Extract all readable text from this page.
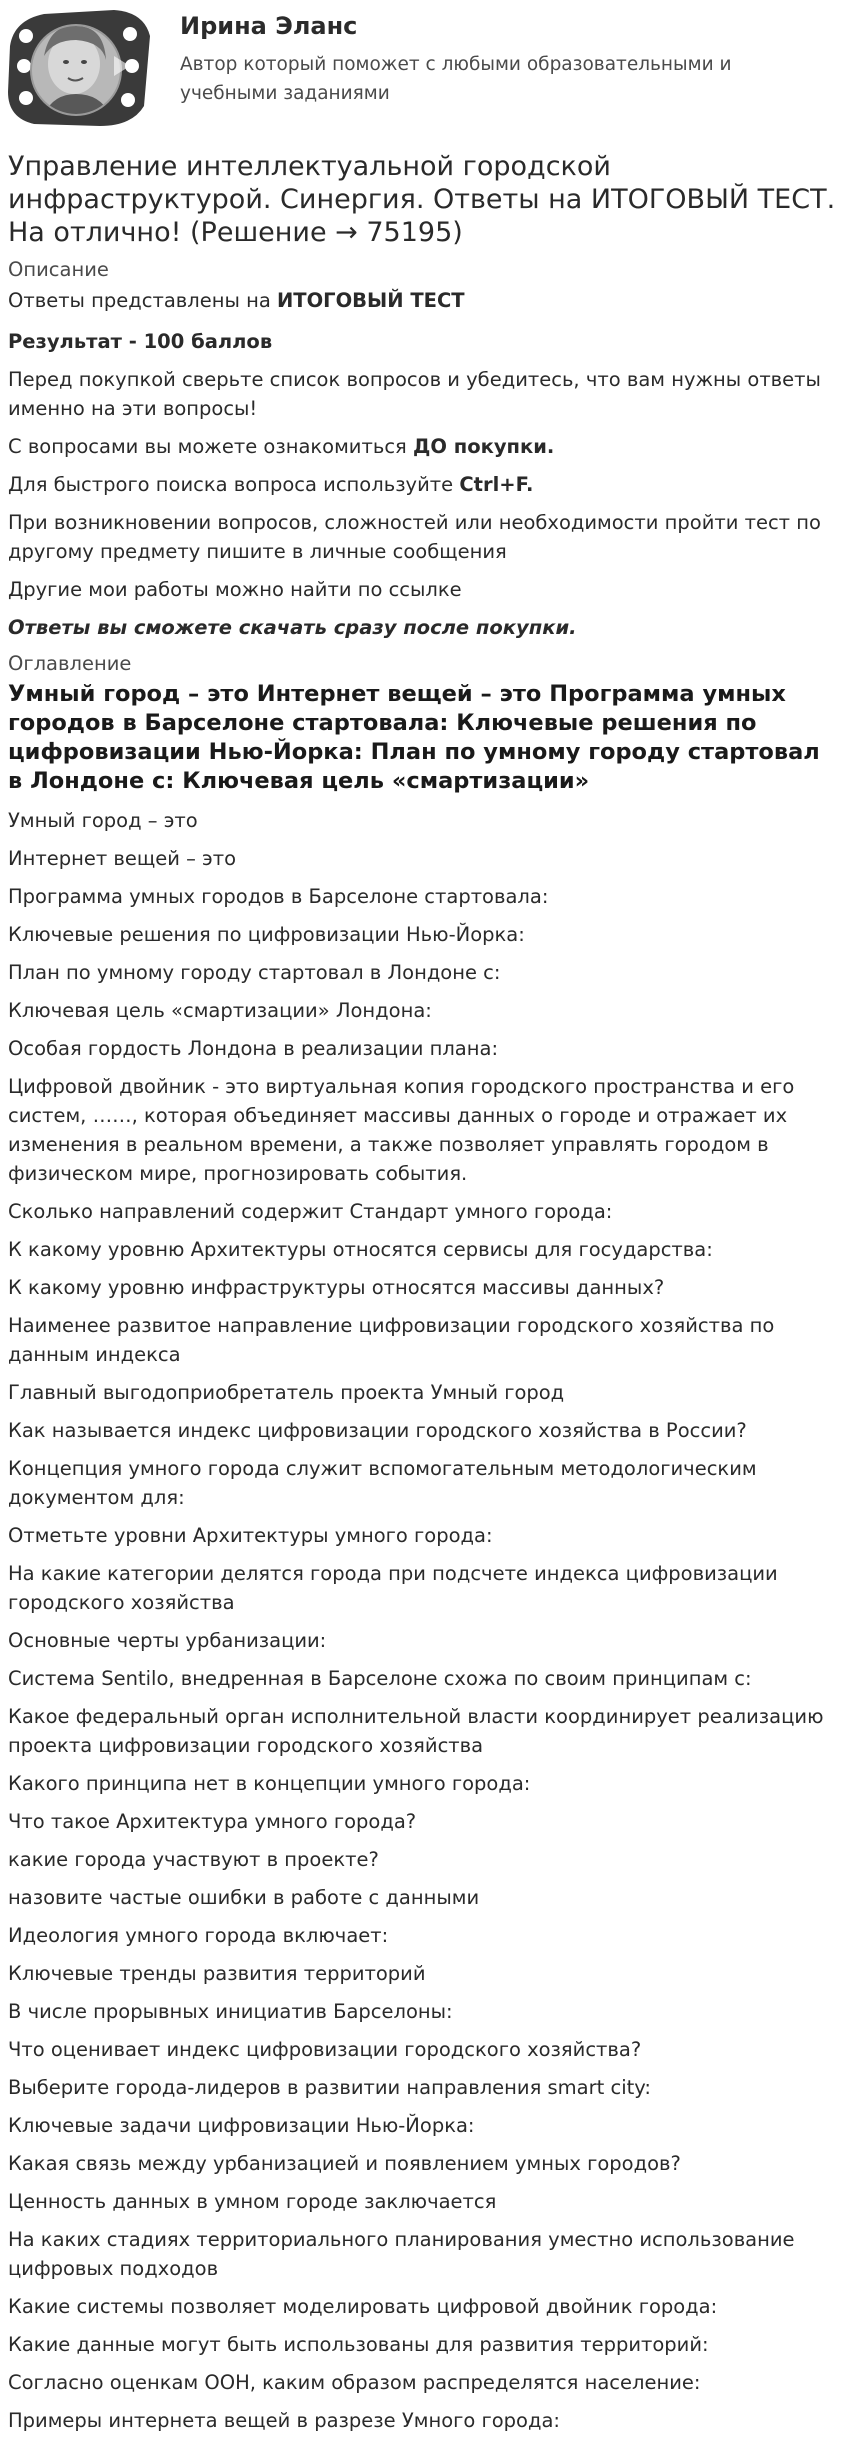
Ирина Эланс
Автор который поможет с любыми образовательными и учебными заданиями
Управление интеллектуальной городской инфраструктурой. Синергия. Ответы на ИТОГОВЫЙ ТЕСТ. На отлично! (Решение → 75195)
Описание

Ответы представлены на ИТОГОВЫЙ ТЕСТ

Результат - 100 баллов

Перед покупкой сверьте список вопросов и убедитесь, что вам нужны ответы именно на эти вопросы!

С вопросами вы можете ознакомиться ДО покупки.

Для быстрого поиска вопроса используйте Ctrl+F.

При возникновении вопросов, сложностей или необходимости пройти тест по другому предмету пишите в личные сообщения

Другие мои работы можно найти по ссылке

Ответы вы сможете скачать сразу после покупки.

Оглавление
Умный город – это Интернет вещей – это Программа умных городов в Барселоне стартовала: Ключевые решения по цифровизации Нью-Йорка: План по умному городу стартовал в Лондоне с: Ключевая цель «смартизации»
Умный город – это
Интернет вещей – это
Программа умных городов в Барселоне стартовала:
Ключевые решения по цифровизации Нью-Йорка:
План по умному городу стартовал в Лондоне с:
Ключевая цель «смартизации» Лондона:
Особая гордость Лондона в реализации плана:
Цифровой двойник - это виртуальная копия городского пространства и его систем, ……, которая объединяет массивы данных о городе и отражает их изменения в реальном времени, а также позволяет управлять городом в физическом мире, прогнозировать события.
Сколько направлений содержит Стандарт умного города:
К какому уровню Архитектуры относятся сервисы для государства:
К какому уровню инфраструктуры относятся массивы данных?
Наименее развитое направление цифровизации городского хозяйства по данным индекса
Главный выгодоприобретатель проекта Умный город
Как называется индекс цифровизации городского хозяйства в России?
Концепция умного города служит вспомогательным методологическим документом для:
Отметьте уровни Архитектуры умного города:
На какие категории делятся города при подсчете индекса цифровизации городского хозяйства
Основные черты урбанизации:
Система Sentilo, внедренная в Барселоне схожа по своим принципам с:
Какое федеральный орган исполнительной власти координирует реализацию проекта цифровизации городского хозяйства
Какого принципа нет в концепции умного города:
Что такое Архитектура умного города?
какие города участвуют в проекте?
назовите частые ошибки в работе с данными
Идеология умного города включает:
Ключевые тренды развития территорий
В числе прорывных инициатив Барселоны:
Что оценивает индекс цифровизации городского хозяйства?
Выберите города-лидеров в развитии направления smart city:
Ключевые задачи цифровизации Нью-Йорка:
Какая связь между урбанизацией и появлением умных городов?
Ценность данных в умном городе заключается
На каких стадиях территориального планирования уместно использование цифровых подходов
Какие системы позволяет моделировать цифровой двойник города:
Какие данные могут быть использованы для развития территорий:
Согласно оценкам ООН, каким образом распределятся население:
Примеры интернета вещей в разрезе Умного города:
